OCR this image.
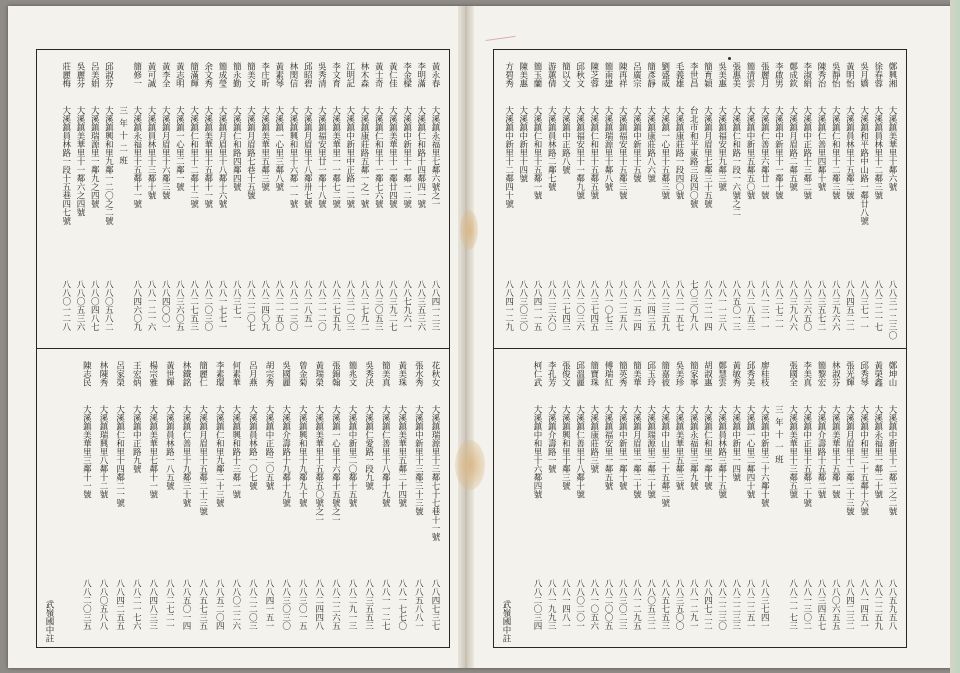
黃永春
大溪鎮永福里七鄰六號之一
八八四一二三
李明滿
大溪鎮仁和路十四鄰四一號
八八三五三六
李金樑
大溪鎮中新里十一鄰一二號
八八七九六一
黃仁佳
大溪鎮美華里十一鄰廿四號
八八三九二七
黃士奇
大溪鎮仁和里十一鄰七六號
八八三〇五三
林木森
大溪鎮康莊路五鄰一之一號
八八二七九二
江明記
大溪鎮中新里中正路一二號
八八三一〇三
李文育
大溪鎮美華里一一鄰七二號
八八二七五九
吳秀清
大溪鎮福安里廿一鄰十八號
八八二一二〇
邱昭碧
大溪鎮月眉里十八鄰卅七號
八八二八五一
林閔信
大溪鎮興和里十六鄰一一號
八八二一三〇
黃素琴
大溪鎮一心里三鄰八號
八八二一五〇
李庄昕
大溪鎮美華里五鄰三號
八八二四〇九
簡美文
大溪鎮月眉路七巷十五號
八八二二〇七
簡永勤
大溪鎮仁和路四鄰四號
八八三七一
簡成瑩
大溪鎮月眉里十八鄰十六號
八八一七七一
余文秀
大溪鎮美華里十五鄰十一號
八八二〇三〇
簡滿輝
大溪鎮仁和里十二鄰十二號
八八二七五三
黃志明
大溪鎮一心里二鄰一號
八八三六〇五
黃李全
大溪鎮月眉里十六鄰三號
八八四〇〇一
黃可誠
大溪鎮員林里十三鄰十號
八八一二一六
簡修一
大溪鎮永福里十五鄰十一號
八八四六〇九
三年十二班
邱淑芬
大溪鎮興和里九鄰一二〇之二號
八八〇五八二
呂美娟
大溪鎮瑞源里一鄰九之四號
八八〇四八七
吳麗芬
大溪鎮美華里十一鄰六之四號
八八〇五三六
莊麗梅
大溪鎮員林路一段十五巷四七號
八八〇一二八
武嶺國中註
花秋女
大溪鎮瑞源里十三鄰七十七巷十一號
八八四七三七
張水秀
大溪鎮中新里十三鄰三十三號
八八五八八一
黃美珠
大溪鎮美華里五鄰二十四號
八八一七七〇
簡美真
大溪鎮仁善里十八鄰十九號
八八一一二七
吳秀決
大溪鎮仁愛路一段九號
八八三五五三
簡兆文
大溪鎮中新里二〇鄰十五號
八八二九一三
張錦翰
大溪鎮一心里十六鄰十五號之一
八八二二六五
黃瑞榮
大溪鎮美華里十五鄰五〇號之一
八八二四四八
曾金菊
大溪鎮興和里十九鄰九十號
八八三〇一五
吳國麗
大溪鎮介壽路十九鄰十九號
八八三〇三〇
胡宗秀
大溪鎮中正路二〇五號
八八四一五一
呂月燕
大溪鎮員林路一〇七號
八八二二〇三
何素華
大溪鎮興和路十三鄰一號
八八〇二二六
李素環
大溪鎮仁和里九鄰二十三號
八八五二〇四
簡麗仁
大溪鎮月眉里十五鄰二十三號
八八五七三五
林鐵銘
大溪鎮仁善里十九鄰三十號
八八五〇一四
黃世輝
大溪鎮員林路一八五號
八八二七二一
楊宗雅
大溪鎮美華里七鄰十一號
八八四八三三
王宏炳
大溪鎮中正路九號
八八二一七六
呂家榮
大溪鎮仁和里十四鄰二一號
八八四二五五
林陳秀
大溪鎮瑞興里八鄰十二號
八八〇五八八
陳志民
大溪鎮美華里三鄰十一號
八八二〇三五
鄭興湘
大溪鎮美華里十鄰六號
八八三一二三〇
徐春蓉
大溪鎮員林里十二鄰三號
八八二二一七
吳月嬌
大溪鎮和平路中山路一鄰廿八號
八八三七一一
黃明怡
大溪鎮員林里十五鄰二號
八八四五二二
吳靜怡
大溪鎮仁和里十二鄰三號
八八三九六六
陳秀治
大溪鎮仁善里四鄰十號
八八三五七二
李淑絹
大溪鎮中正路十三鄰二號
八八三六五〇
鄭成欽
大溪鎮月眉路二鄰五號
八八三九八六
李啟男
大溪鎮中新里十一鄰十號
八八二七二一
張麗月
大溪鎮仁善里六鄰廿一號
八八一三一一
簡清雲
大溪鎮中新里五鄰五〇號
八八二八五三
張惠美
大溪鎮仁和路一段一六號之二
八八五〇一三
吳美惠
大溪鎮福安里九鄰三號
八八一一三八
簡育穎
大溪鎮月眉里七鄰三十五號
八八二二一四
李世昌
台北市和平東路三段四〇號
七〇三〇九八
毛義雄
大溪鎮康莊路一段四〇號
八八二一五七
劉盛威
大溪鎮一心里十五鄰三號
八八二三五九
簡彥靜
大溪鎮康莊路八六號
八八二四三五
呂廣宗
大溪鎮中新里十五號
八八一五二四
陳再祥
大溪鎮福安里十五鄰三號
八八二二五八
簡南建
大溪鎮瑞源里十鄰八號
八八一〇七三
陳芝蓉
大溪鎮仁和里十五鄰五號
八八三七四五
邱秋文
大溪鎮福安里十一鄰九號
八八二〇三六
簡以文
大溪鎮中正路八號
八八二七四三
游蕙倩
大溪鎮員林路二鄰七號
八八二三六〇
簡玉蘭
大溪鎮仁和里十五鄰一號
八八四一一五
陳美惠
大溪鎮中新里十四號
八八三〇三〇
方碧秀
大溪鎮中新里十二鄰四十號
八八四一二九
武嶺國中註
鄭坤山
大溪鎮中新里十二鄰二之二號
八八五九五八
黃榮鑫
大溪鎮永福里一鄰二十號
八八二二五九
邱秀琴
大溪鎮中和里二十五鄰十六號
八八一四五一
張光輝
大溪鎮月眉里十二鄰二十三號
八八四二三二
林淑芬
大溪鎮美華里十五鄰一號
八八〇六五五
簡黎宏
大溪鎮介壽路十五鄰二號
八八三四五七
李美真
大溪鎮中正里十五鄰二十號
八八一三〇二
張國全
大溪鎮美華里十三鄰五號
八八二一七三
三年十一班
廖桂枝
大溪鎮中新里二十六鄰十號
八八三七四一
邱秀美
大溪鎮一心里二鄰四十號
八八二二五一
黃敏秀
大溪鎮中新里一四號
八八二二三三
鄭慧雲
大溪鎮員林路三鄰十五號
八八二二三〇
胡淑惠
大溪鎮仁和里一鄰十號
八八四七二二
簡家寧
大溪鎮永福里三鄰九號
八八一二九一
吳美珍
大溪鎮美華里五鄰三號
八八三五〇〇
簡嘉彼
大溪鎮中山里二十五鄰二號
八八五七五三
邱玉玲
大溪鎮瑞源里二鄰二十號
八八〇五三二
簡美華
大溪鎮月眉里一鄰二十號
八八一二九五
簡英秀
大溪鎮中新里一鄰十號
八八三〇二三
傅瑞紅
大溪鎮福安里一鄰五號
八八二〇〇五
簡寶珠
大溪鎮康莊路三號
八八一〇五六
邱溫麗
大溪鎮仁善里十八鄰十號
八八〇二〇一
張俊文
大溪鎮興和里十鄰三號
八八一四八一
李孔芳
大溪鎮介壽路一號
八八一九九三
柯仁武
大溪鎮中和里十六鄰四號
八八二〇三四
